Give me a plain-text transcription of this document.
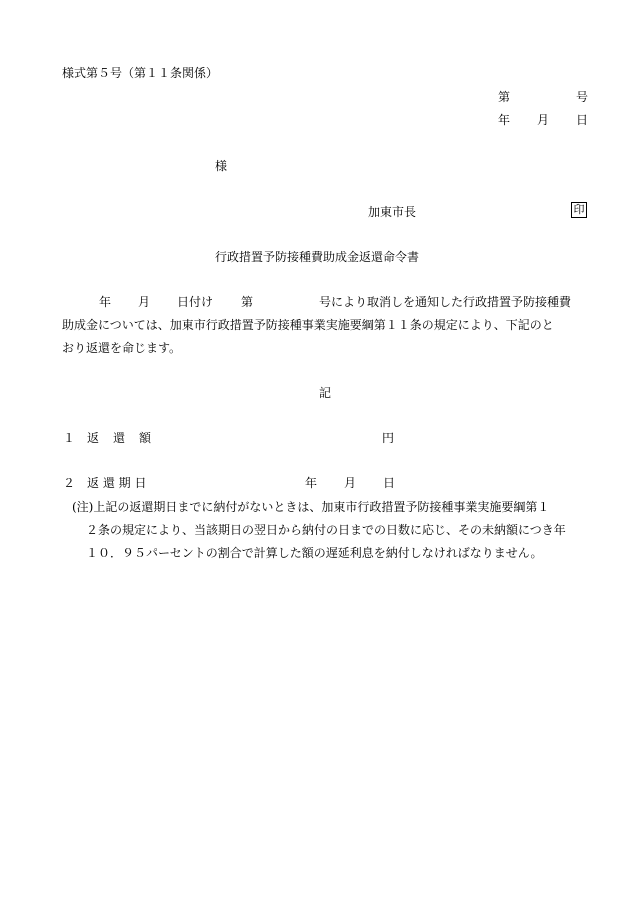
様式第５号（第１１条関係）
第	号
年 月 日
様
加東市長	印
行政措置予防接種費助成金返還命令書
年 月 日付け 第	号により取消しを通知した行政措置予防接種費
助成金については、加東市行政措置予防接種事業実施要綱第１１条の規定により、下記のと
おり返還を命じます。
記
１ 返 還 額	円
２ 返 還 期 日	年 月 日
(注)上記の返還期日までに納付がないときは、加東市行政措置予防接種事業実施要綱第１
２条の規定により、当該期日の翌日から納付の日までの日数に応じ、その未納額につき年
１０．９５パーセントの割合で計算した額の遅延利息を納付しなければなりません。
